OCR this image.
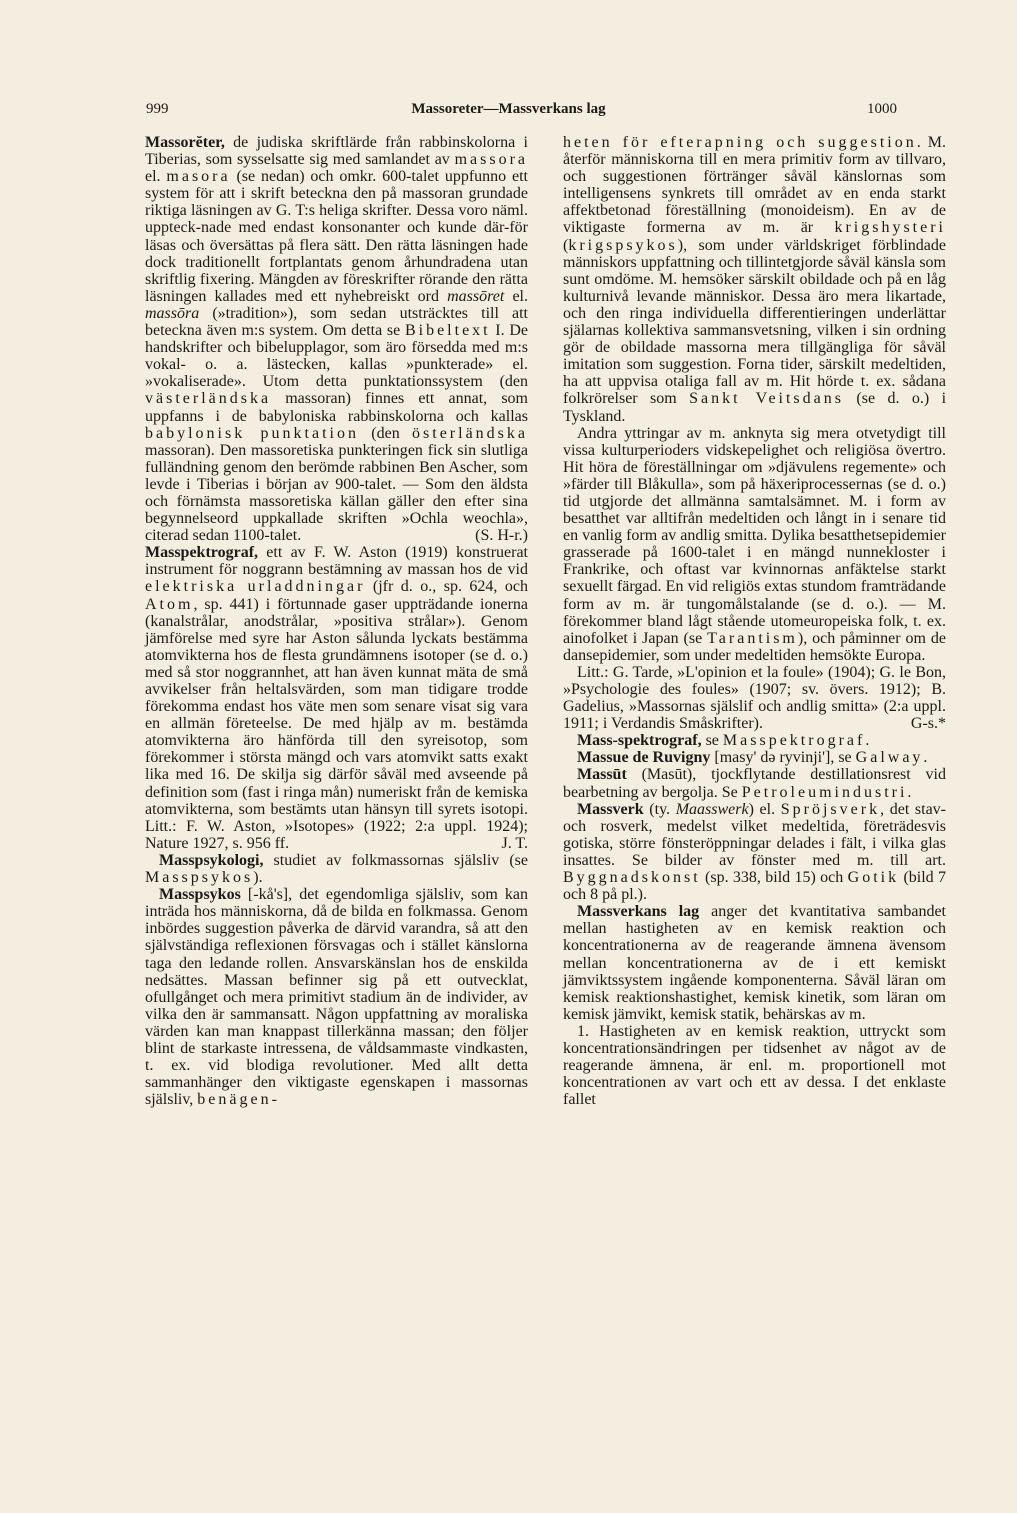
999	Massoreter—Massverkans lag	1000

Massorĕter, de judiska skriftlärde från rabbinskolorna i Tiberias, som sysselsatte sig med samlandet av massora el. masora (se nedan) och omkr. 600-talet uppfunno ett system för att i skrift beteckna den på massoran grundade riktiga läsningen av G. T:s heliga skrifter. Dessa voro näml. uppteck-nade med endast konsonanter och kunde där-för läsas och översättas på flera sätt. Den rätta läsningen hade dock traditionellt fortplantats genom århundradena utan skriftlig fixering. Mängden av föreskrifter rörande den rätta läsningen kallades med ett nyhebreiskt ord massōret el. massōra (»tradition»), som sedan utsträcktes till att beteckna även m:s system. Om detta se Bibeltext I. De handskrifter och bibelupplagor, som äro försedda med m:s vokal- o. a. lästecken, kallas »punkterade» el. »vokaliserade». Utom detta punktationssystem (den västerländska massoran) finnes ett annat, som uppfanns i de babyloniska rabbinskolorna och kallas babylonisk punktation (den österländska massoran). Den massoretiska punkteringen fick sin slutliga fulländning genom den berömde rabbinen Ben Ascher, som levde i Tiberias i början av 900-talet. — Som den äldsta och förnämsta massoretiska källan gäller den efter sina begynnelseord uppkallade skriften »Ochla weochla», citerad sedan 1100-talet.	(S. H-r.)

Masspektrograf, ett av F. W. Aston (1919) konstruerat instrument för noggrann bestämning av massan hos de vid elektriska urladdningar (jfr d. o., sp. 624, och Atom, sp. 441) i förtunnade gaser uppträdande ionerna (kanalstrålar, anodstrålar, »positiva strålar»). Genom jämförelse med syre har Aston sålunda lyckats bestämma atomvikterna hos de flesta grundämnens isotoper (se d. o.) med så stor noggrannhet, att han även kunnat mäta de små avvikelser från heltalsvärden, som man tidigare trodde förekomma endast hos väte men som senare visat sig vara en allmän företeelse. De med hjälp av m. bestämda atomvikterna äro hänförda till den syreisotop, som förekommer i största mängd och vars atomvikt satts exakt lika med 16. De skilja sig därför såväl med avseende på definition som (fast i ringa mån) numeriskt från de kemiska atomvikterna, som bestämts utan hänsyn till syrets isotopi. Litt.: F. W. Aston, »Isotopes» (1922; 2:a uppl. 1924); Nature 1927, s. 956 ff.	J. T.

Masspsykologi, studiet av folkmassornas själsliv (se Masspsykos).

Masspsykos [-kå's], det egendomliga själsliv, som kan inträda hos människorna, då de bilda en folkmassa. Genom inbördes suggestion påverka de därvid varandra, så att den självständiga reflexionen försvagas och i stället känslorna taga den ledande rollen. Ansvarskänslan hos de enskilda nedsättes. Massan befinner sig på ett outvecklat, ofullgånget och mera primitivt stadium än de individer, av vilka den är sammansatt. Någon uppfattning av moraliska värden kan man knappast tillerkänna massan; den följer blint de starkaste intressena, de våldsammaste vindkasten, t. ex. vid blodiga revolutioner. Med allt detta sammanhänger den viktigaste egenskapen i massornas själsliv, benägen-

heten för efterapning och suggestion. M. återför människorna till en mera primitiv form av tillvaro, och suggestionen förtränger såväl känslornas som intelligensens synkrets till området av en enda starkt affektbetonad föreställning (monoideism). En av de viktigaste formerna av m. är krigshysteri (krigspsykos), som under världskriget förblindade människors uppfattning och tillintetgjorde såväl känsla som sunt omdöme. M. hemsöker särskilt obildade och på en låg kulturnivå levande människor. Dessa äro mera likartade, och den ringa individuella differentieringen underlättar själarnas kollektiva sammansvetsning, vilken i sin ordning gör de obildade massorna mera tillgängliga för såväl imitation som suggestion. Forna tider, särskilt medeltiden, ha att uppvisa otaliga fall av m. Hit hörde t. ex. sådana folkrörelser som Sankt Veitsdans (se d. o.) i Tyskland.

Andra yttringar av m. anknyta sig mera otvetydigt till vissa kulturperioders vidskepelighet och religiösa övertro. Hit höra de föreställningar om »djävulens regemente» och »färder till Blåkulla», som på häxeriprocessernas (se d. o.) tid utgjorde det allmänna samtalsämnet. M. i form av besatthet var alltifrån medeltiden och långt in i senare tid en vanlig form av andlig smitta. Dylika besatthetsepidemier grasserade på 1600-talet i en mängd nunnekloster i Frankrike, och oftast var kvinnornas anfäktelse starkt sexuellt färgad. En vid religiös extas stundom framträdande form av m. är tungomålstalande (se d. o.). — M. förekommer bland lågt stående utomeuropeiska folk, t. ex. ainofolket i Japan (se Tarantism), och påminner om de dansepidemier, som under medeltiden hemsökte Europa.

Litt.: G. Tarde, »L'opinion et la foule» (1904); G. le Bon, »Psychologie des foules» (1907; sv. övers. 1912); B. Gadelius, »Massornas själslif och andlig smitta» (2:a uppl. 1911; i Verdandis Småskrifter).	G-s.*

Mass-spektrograf, se Masspektrograf.

Massue de Ruvigny [masy' də ryvinji'], se Galway.

Massūt (Masūt), tjockflytande destillationsrest vid bearbetning av bergolja. Se Petroleumindustri.

Massverk (ty. Maasswerk) el. Spröjsverk, det stav- och rosverk, medelst vilket medeltida, företrädesvis gotiska, större fönsteröppningar delades i fält, i vilka glas insattes. Se bilder av fönster med m. till art. Byggnadskonst (sp. 338, bild 15) och Gotik (bild 7 och 8 på pl.).

Massverkans lag anger det kvantitativa sambandet mellan hastigheten av en kemisk reaktion och koncentrationerna av de reagerande ämnena ävensom mellan koncentrationerna av de i ett kemiskt jämviktssystem ingående komponenterna. Såväl läran om kemisk reaktionshastighet, kemisk kinetik, som läran om kemisk jämvikt, kemisk statik, behärskas av m.

1. Hastigheten av en kemisk reaktion, uttryckt som koncentrationsändringen per tidsenhet av något av de reagerande ämnena, är enl. m. proportionell mot koncentrationen av vart och ett av dessa. I det enklaste fallet
